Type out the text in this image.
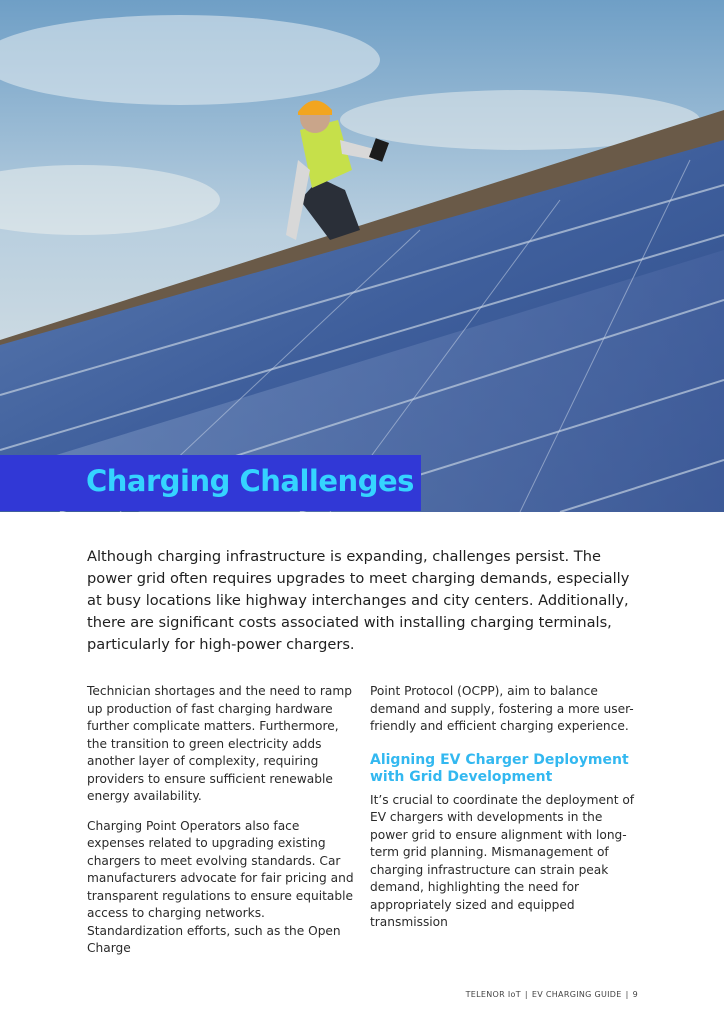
Charging Challenges

Although charging infrastructure is expanding, challenges persist. The power grid often requires upgrades to meet charging demands, especially at busy locations like highway interchanges and city centers. Additionally, there are significant costs associated with installing charging terminals, particularly for high-power chargers.

Technician shortages and the need to ramp up production of fast charging hardware further complicate matters. Furthermore, the transition to green electricity adds another layer of complexity, requiring providers to ensure sufficient renewable energy availability.

Charging Point Operators also face expenses related to upgrading existing chargers to meet evolving standards. Car manufacturers advocate for fair pricing and transparent regulations to ensure equitable access to charging networks. Standardization efforts, such as the Open Charge

Point Protocol (OCPP), aim to balance demand and supply, fostering a more user-friendly and efficient charging experience.

Aligning EV Charger Deployment with Grid Development

It’s crucial to coordinate the deployment of EV chargers with developments in the power grid to ensure alignment with long-term grid planning. Mismanagement of charging infrastructure can strain peak demand, highlighting the need for appropriately sized and equipped transmission

TELENOR IoT | EV CHARGING GUIDE | 9
